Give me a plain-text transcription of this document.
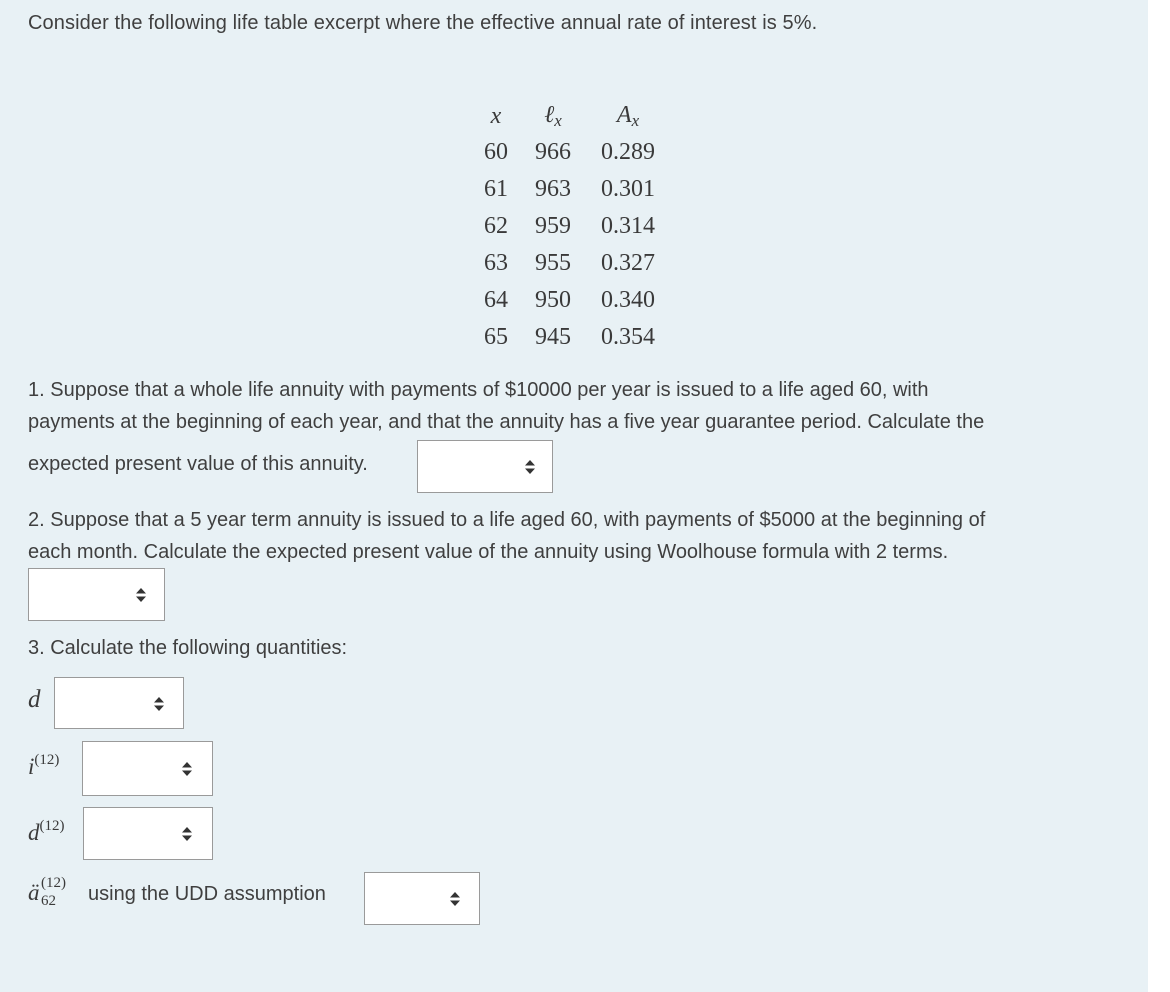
Consider the following life table excerpt where the effective annual rate of interest is 5%.
x	ℓ$_x$	$A_x$
60	966	0.289
61	963	0.301
62	959	0.314
63	955	0.327
64	950	0.340
65	945	0.354
1. Suppose that a whole life annuity with payments of $10000 per year is issued to a life aged 60, with
payments at the beginning of each year, and that the annuity has a five year guarantee period. Calculate the
expected present value of this annuity.
2. Suppose that a 5 year term annuity is issued to a life aged 60, with payments of $5000 at the beginning of
each month. Calculate the expected present value of the annuity using Woolhouse formula with 2 terms.
3. Calculate the following quantities:
d
$i^{(12)}$
$d^{(12)}$
ä (12)
62 using the UDD assumption
